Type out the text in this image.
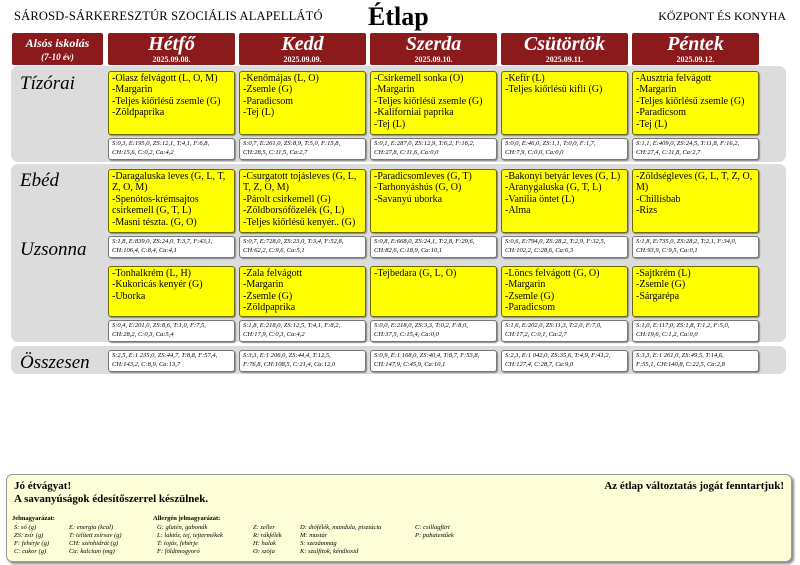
SÁROSD-SÁRKERESZTÚR SZOCIÁLIS ALAPELLÁTÓ Étlap	KÖZPONT ÉS KONYHA
Alsós iskolás
(7-10 év)
Hétfő
2025.09.08.
Kedd
2025.09.09.
Szerda
2025.09.10.
Csütörtök
2025.09.11.
Péntek
2025.09.12.
Tízórai
Ebéd
Uzsonna
Összesen
-Olasz felvágott (L, O, M)
-Margarin
-Teljes kiőrlésű zsemle (G)
-Zöldpaprika
-Kenőmájas (L, O)
-Zsemle (G)
-Paradicsom
-Tej (L)
-Csirkemell sonka (O)
-Margarin
-Teljes kiőrlésű zsemle (G)
-Kaliforniai paprika
-Tej (L)
-Kefír (L)
-Teljes kiőrlésű kifli (G)
-Ausztria felvágott
-Margarin
-Teljes kiőrlésű zsemle (G)
-Paradicsom
-Tej (L)
S:0,3, E:195,0, ZS:12,1, T:4,1, F:6,8,
CH:15,6, C:0,2, Ca:4,2
S:0,7, E:261,0, ZS:8,9, T:5,0, F:15,8,
CH:28,5, C:11,5, Ca:2,7
S:0,1, E:287,0, ZS:12,9, T:6,2, F:16,2,
CH:27,8, C:11,6, Ca:0,0
S:0,0, E:46,0, ZS:1,1, T:0,0, F:1,7,
CH:7,9, C:0,0, Ca:0,0
S:1,1, E:409,0, ZS:24,5, T:11,8, F:16,2,
CH:27,4, C:11,8, Ca:2,7
-Daragaluska leves (G, L, T,
Z, O, M)
-Spenótos-krémsajtos
csirkemell (G, T, L)
-Masni tészta. (G, O)
-Csurgatott tojásleves (G, L,
T, Z, O, M)
-Párolt csirkemell (G)
-Zöldborsófőzelék (G, L)
-Teljes kiőrlésű kenyér.. (G)
-Paradicsomleves (G, T)
-Tarhonyáshús (G, O)
-Savanyú uborka
-Bakonyi betyár leves (G, L)
-Aranygaluska (G, T, L)
-Vanília öntet (L)
-Alma
-Zöldségleves (G, L, T, Z, O,
M)
-Chillisbab
-Rizs
S:1,8, E:839,0, ZS:24,0, T:3,7, F:43,1,
CH:106,4, C:8,4, Ca:4,1
S:0,7, E:728,0, ZS:23,0, T:3,4, F:52,8,
CH:62,2, C:9,6, Ca:5,1
S:0,8, E:668,0, ZS:24,1, T:2,8, F:29,6,
CH:82,6, C:18,9, Ca:10,1
S:0,6, E:794,0, ZS:28,2, T:2,9, F:32,5,
CH:102,2, C:28,6, Ca:6,3
S:1,8, E:735,0, ZS:28,2, T:2,1, F:34,0,
CH:93,9, C:9,5, Ca:0,1
-Tonhalkrém (L, H)
-Kukoricás kenyér (G)
-Uborka
-Zala felvágott
-Margarin
-Zsemle (G)
-Zöldpaprika
-Tejbedara (G, L, O)	-Löncs felvágott (G, O)
-Margarin
-Zsemle (G)
-Paradicsom
-Sajtkrém (L)
-Zsemle (G)
-Sárgarépa
S:0,4, E:201,0, ZS:8,6, T:1,0, F:7,5,
CH:28,2, C:0,3, Ca:5,4
S:1,8, E:218,0, ZS:12,5, T:4,1, F:8,2,
CH:17,9, C:0,3, Ca:4,2
S:0,0, E:218,0, ZS:3,3, T:0,2, F:8,0,
CH:37,5, C:15,4, Ca:0,0
S:1,6, E:202,0, ZS:11,3, T:2,0, F:7,0,
CH:17,2, C:0,1, Ca:2,7
S:1,0, E:117,0, ZS:1,8, T:1,2, F:5,0,
CH:19,6, C:1,2, Ca:0,0
S:2,5, E:1 235,0, ZS:44,7, T:8,8, F:57,4,
CH:143,2, C:8,9, Ca:13,7
S:3,3, E:1 206,0, ZS:44,4, T:12,5,
F:76,8, CH:108,5, C:21,4, Ca:12,0
S:0,9, E:1 168,0, ZS:40,4, T:8,7, F:53,8,
CH:147,9, C:45,9, Ca:10,1
S:2,3, E:1 042,0, ZS:35,6, T:4,9, F:41,2,
CH:127,4, C:28,7, Ca:9,0
S:3,3, E:1 261,0, ZS:49,5, T:14,6,
F:55,1, CH:140,8, C:22,5, Ca:2,8
Jó étvágyat!
A savanyúságok édesítőszerrel készülnek.
Az étlap változtatás jogát fenntartjuk!
Jelmagyarázat:
S: só (g)
ZS: zsír (g)
F: fehérje (g)
C: cukor (g)
E: energia (kcal)
T: telített zsírsav (g)
CH: szénhidrát (g)
Ca: kalcium (mg)
Allergén jelmagyarázat:
G: glutén, gabonák
L: laktóz, tej, tejtermékek
T: tojás, fehérje
F: földimogyoró
Z: zeller
R: rákfélék
H: halak
O: szója
D: diófélék, mandula, pisztácia
M: mustár
S: szezámmag
K: szulfitok, kéndioxid
C: csillagfürt
P: puhatestűek
